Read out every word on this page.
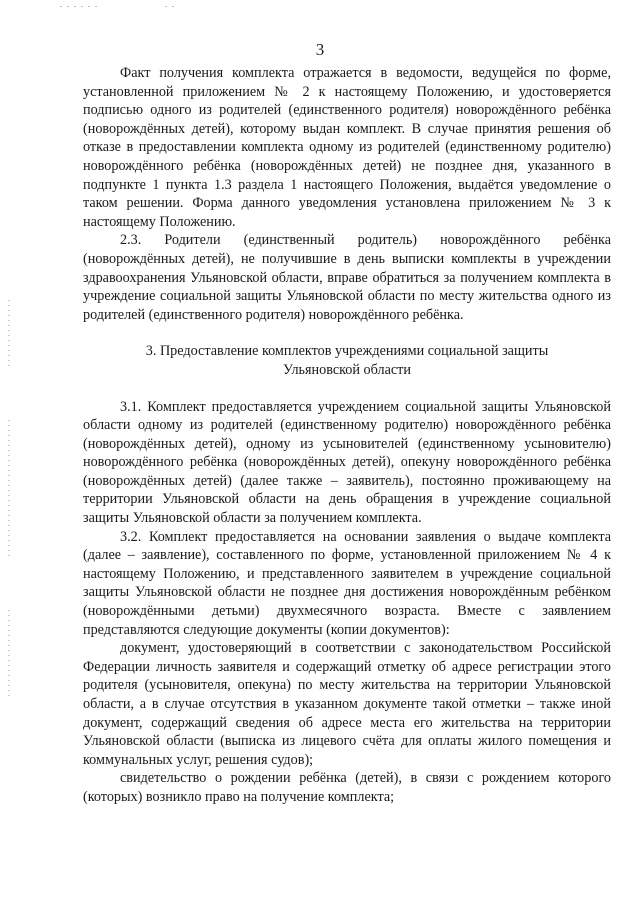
3

Факт получения комплекта отражается в ведомости, ведущейся по форме, установленной приложением № 2 к настоящему Положению, и удостоверяется подписью одного из родителей (единственного родителя) новорождённого ребёнка (новорождённых детей), которому выдан комплект. В случае принятия решения об отказе в предоставлении комплекта одному из родителей (единственному родителю) новорождённого ребёнка (новорождённых детей) не позднее дня, указанного в подпункте 1 пункта 1.3 раздела 1 настоящего Положения, выдаётся уведомление о таком решении. Форма данного уведомления установлена приложением № 3 к настоящему Положению.

2.3. Родители (единственный родитель) новорождённого ребёнка (новорождённых детей), не получившие в день выписки комплекты в учреждении здравоохранения Ульяновской области, вправе обратиться за получением комплекта в учреждение социальной защиты Ульяновской области по месту жительства одного из родителей (единственного родителя) новорождённого ребёнка.

3. Предоставление комплектов учреждениями социальной защиты
Ульяновской области

3.1. Комплект предоставляется учреждением социальной защиты Ульяновской области одному из родителей (единственному родителю) новорождённого ребёнка (новорождённых детей), одному из усыновителей (единственному усыновителю) новорождённого ребёнка (новорождённых детей), опекуну новорождённого ребёнка (новорождённых детей) (далее также – заявитель), постоянно проживающему на территории Ульяновской области на день обращения в учреждение социальной защиты Ульяновской области за получением комплекта.

3.2. Комплект предоставляется на основании заявления о выдаче комплекта (далее – заявление), составленного по форме, установленной приложением № 4 к настоящему Положению, и представленного заявителем в учреждение социальной защиты Ульяновской области не позднее дня достижения новорождённым ребёнком (новорождёнными детьми) двухмесячного возраста. Вместе с заявлением представляются следующие документы (копии документов):

документ, удостоверяющий в соответствии с законодательством Российской Федерации личность заявителя и содержащий отметку об адресе регистрации этого родителя (усыновителя, опекуна) по месту жительства на территории Ульяновской области, а в случае отсутствия в указанном документе такой отметки – также иной документ, содержащий сведения об адресе места его жительства на территории Ульяновской области (выписка из лицевого счёта для оплаты жилого помещения и коммунальных услуг, решения судов);

свидетельство о рождении ребёнка (детей), в связи с рождением которого (которых) возникло право на получение комплекта;
